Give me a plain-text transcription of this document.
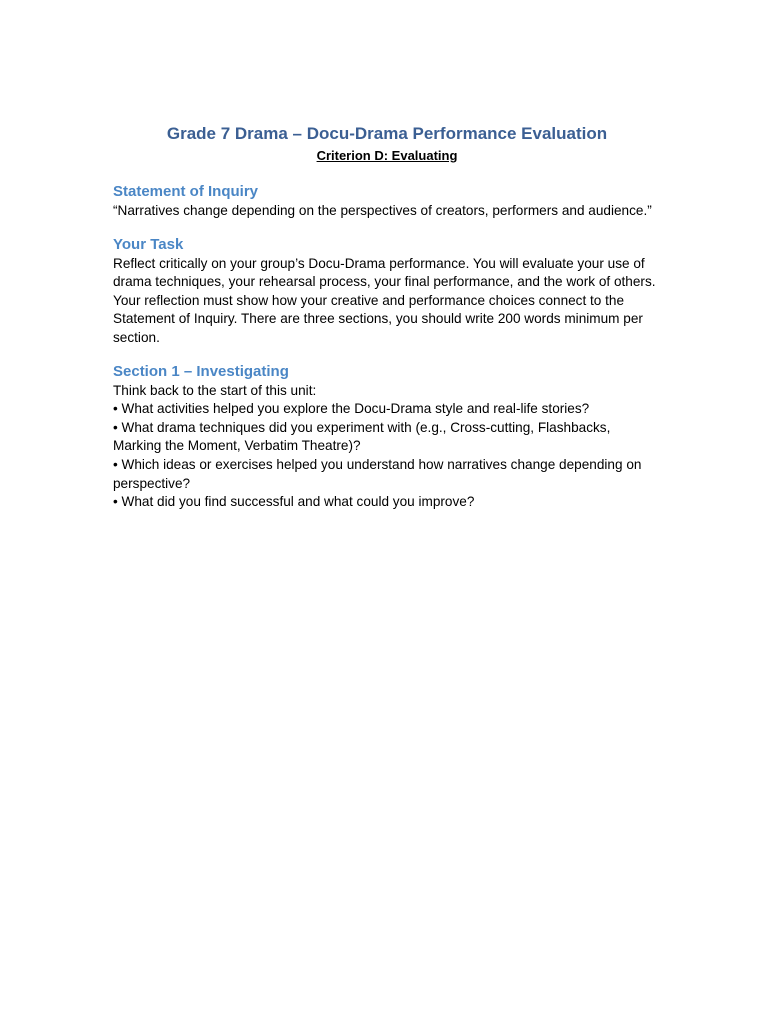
Grade 7 Drama – Docu-Drama Performance Evaluation

Criterion D: Evaluating

Statement of Inquiry

“Narratives change depending on the perspectives of creators, performers and audience.”

Your Task

Reflect critically on your group’s Docu-Drama performance. You will evaluate your use of drama techniques, your rehearsal process, your final performance, and the work of others. Your reflection must show how your creative and performance choices connect to the Statement of Inquiry. There are three sections, you should write 200 words minimum per section.

Section 1 – Investigating

Think back to the start of this unit:

• What activities helped you explore the Docu-Drama style and real-life stories?
• What drama techniques did you experiment with (e.g., Cross-cutting, Flashbacks, Marking the Moment, Verbatim Theatre)?
• Which ideas or exercises helped you understand how narratives change depending on perspective?
• What did you find successful and what could you improve?
